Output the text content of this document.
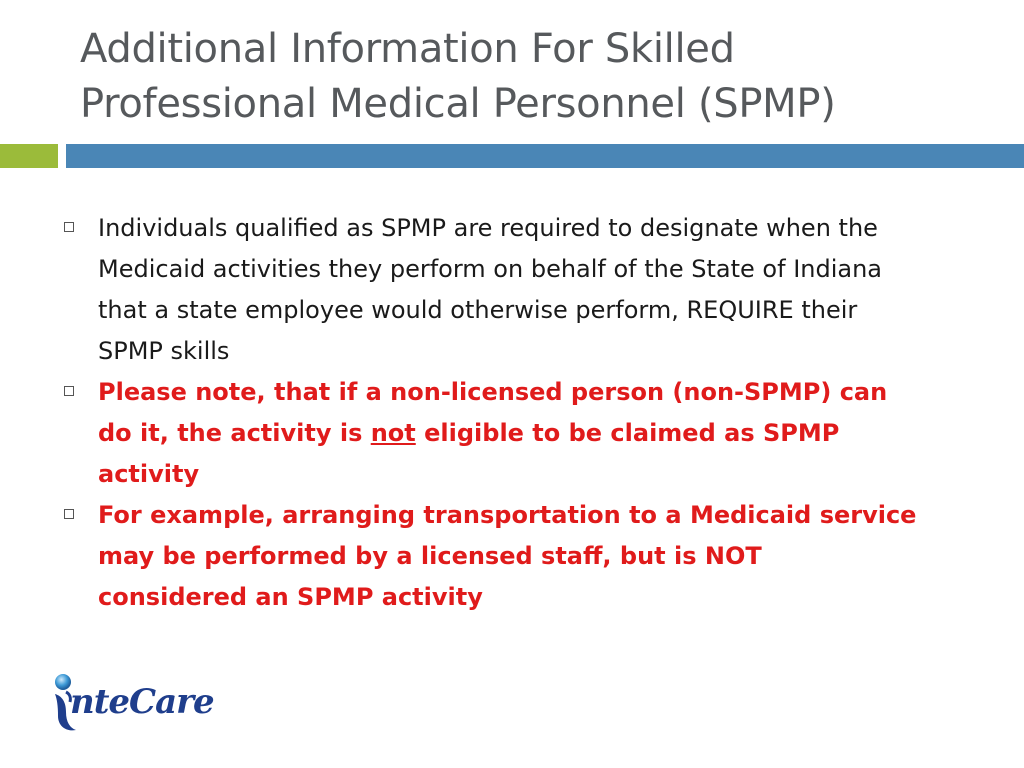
Additional Information For Skilled
Professional Medical Personnel (SPMP)
Individuals qualified as SPMP are required to designate when the Medicaid activities they perform on behalf of the State of Indiana that a state employee would otherwise perform, REQUIRE their SPMP skills
Please note, that if a non-licensed person (non-SPMP) can do it, the activity is not eligible to be claimed as SPMP activity
For example, arranging transportation to a Medicaid service may be performed by a licensed staff, but is NOT considered an SPMP activity
nteCare
